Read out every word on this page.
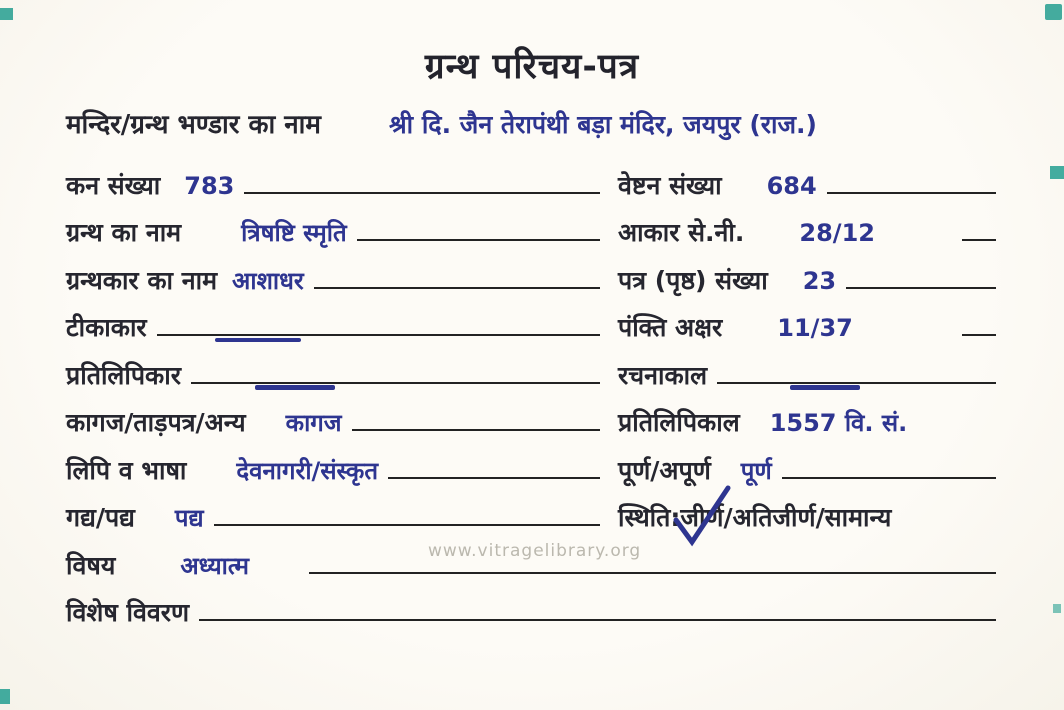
ग्रन्थ परिचय-पत्र
मन्दिर/ग्रन्थ भण्डार का नाम	श्री दि. जैन तेरापंथी बड़ा मंदिर, जयपुर (राज.)
कन संख्या 783	वेष्टन संख्या 684
ग्रन्थ का नाम	त्रिषष्टि स्मृति	आकार से.नी. 28/12
ग्रन्थकार का नाम आशाधर	पत्र (पृष्ठ) संख्या 23
टीकाकार	पंक्ति अक्षर 11/37
प्रतिलिपिकार	रचनाकाल
कागज/ताड़पत्र/अन्य कागज	प्रतिलिपिकाल 1557 वि. सं.
लिपि व भाषा देवनागरी/संस्कृत	पूर्ण/अपूर्ण पूर्ण
गद्य/पद्य पद्य	स्थिति: जीर्ण /अतिजीर्ण/सामान्य
विषय	अध्यात्म
विशेष विवरण
www.vitragelibrary.org
